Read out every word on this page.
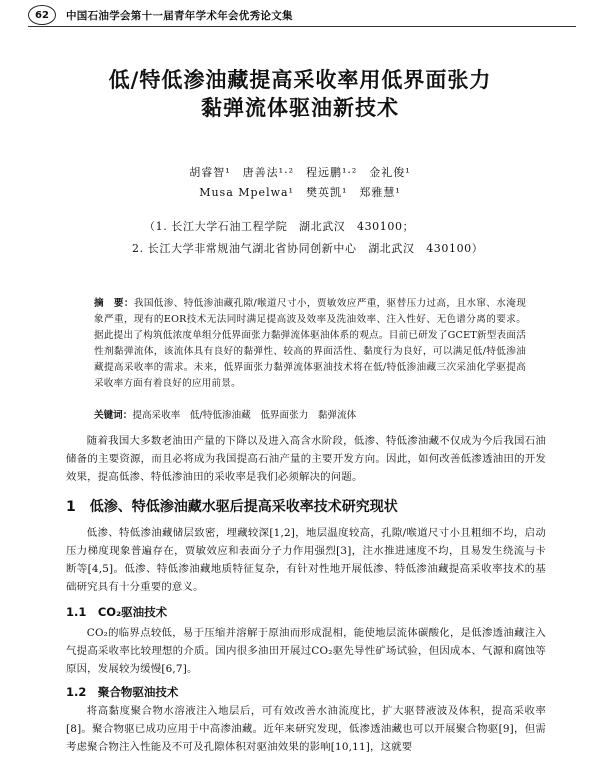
62	中国石油学会第十一届青年学术年会优秀论文集
低/特低渗油藏提高采收率用低界面张力
黏弹流体驱油新技术
胡睿智¹　唐善法¹·²　程远鹏¹·²　金礼俊¹
Musa Mpelwa¹　樊英凯¹　郑雅慧¹
（1. 长江大学石油工程学院　湖北武汉　430100；
2. 长江大学非常规油气湖北省协同创新中心　湖北武汉　430100）
摘　要：我国低渗、特低渗油藏孔隙/喉道尺寸小，贾敏效应严重，驱替压力过高，且水窜、水淹现象严重，现有的EOR技术无法同时满足提高波及效率及洗油效率、注入性好、无色谱分离的要求。据此提出了构筑低浓度单组分低界面张力黏弹流体驱油体系的观点。目前已研发了GCET新型表面活性剂黏弹流体，该流体具有良好的黏弹性、较高的界面活性、黏度行为良好，可以满足低/特低渗油藏提高采收率的需求。未来，低界面张力黏弹流体驱油技术将在低/特低渗油藏三次采油化学驱提高采收率方面有着良好的应用前景。
关键词：提高采收率　低/特低渗油藏　低界面张力　黏弹流体
随着我国大多数老油田产量的下降以及进入高含水阶段，低渗、特低渗油藏不仅成为今后我国石油储备的主要资源，而且必将成为我国提高石油产量的主要开发方向。因此，如何改善低渗透油田的开发效果，提高低渗、特低渗油田的采收率是我们必须解决的问题。
1　低渗、特低渗油藏水驱后提高采收率技术研究现状
低渗、特低渗油藏储层致密，埋藏较深[1,2]，地层温度较高，孔隙/喉道尺寸小且粗细不均，启动压力梯度现象普遍存在，贾敏效应和表面分子力作用强烈[3]，注水推进速度不均，且易发生绕流与卡断等[4,5]。低渗、特低渗油藏地质特征复杂，有针对性地开展低渗、特低渗油藏提高采收率技术的基础研究具有十分重要的意义。
1.1　CO₂驱油技术
CO₂的临界点较低，易于压缩并溶解于原油而形成混相，能使地层流体碳酸化，是低渗透油藏注入气提高采收率比较理想的介质。国内很多油田开展过CO₂驱先导性矿场试验，但因成本、气源和腐蚀等原因，发展较为缓慢[6,7]。
1.2　聚合物驱油技术
将高黏度聚合物水溶液注入地层后，可有效改善水油流度比，扩大驱替液波及体积，提高采收率[8]。聚合物驱已成功应用于中高渗油藏。近年来研究发现，低渗透油藏也可以开展聚合物驱[9]，但需考虑聚合物注入性能及不可及孔隙体积对驱油效果的影响[10,11]，这就要
